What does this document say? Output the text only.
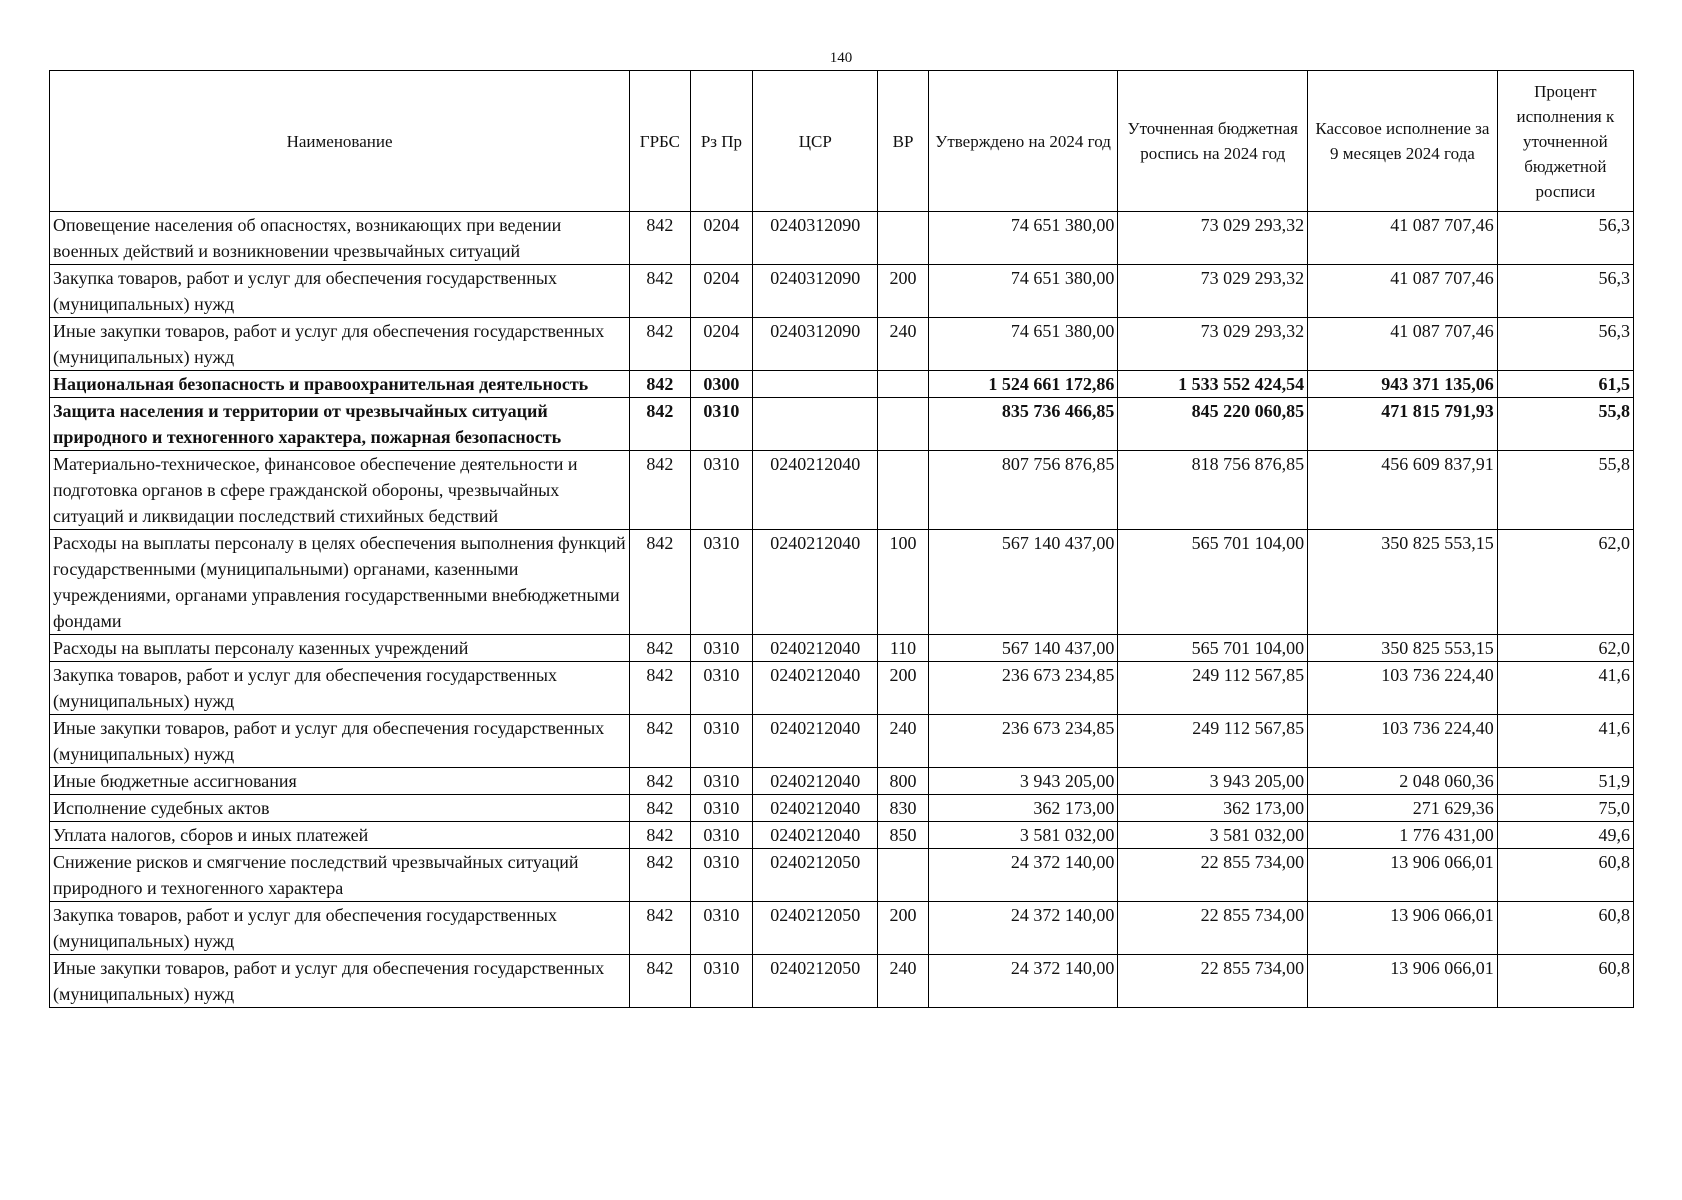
140
Наименование	ГРБС	Рз Пр	ЦСР	ВР	Утверждено на 2024 год	Уточненная бюджетная роспись на 2024 год	Кассовое исполнение за 9 месяцев 2024 года	Процент исполнения к уточненной бюджетной росписи
Оповещение населения об опасностях, возникающих при ведении военных действий и возникновении чрезвычайных ситуаций	842	0204	0240312090		74 651 380,00	73 029 293,32	41 087 707,46	56,3
Закупка товаров, работ и услуг для обеспечения государственных (муниципальных) нужд	842	0204	0240312090	200	74 651 380,00	73 029 293,32	41 087 707,46	56,3
Иные закупки товаров, работ и услуг для обеспечения государственных (муниципальных) нужд	842	0204	0240312090	240	74 651 380,00	73 029 293,32	41 087 707,46	56,3
Национальная безопасность и правоохранительная деятельность	842	0300			1 524 661 172,86	1 533 552 424,54	943 371 135,06	61,5
Защита населения и территории от чрезвычайных ситуаций природного и техногенного характера, пожарная безопасность	842	0310			835 736 466,85	845 220 060,85	471 815 791,93	55,8
Материально-техническое, финансовое обеспечение деятельности и подготовка органов в сфере гражданской обороны, чрезвычайных ситуаций и ликвидации последствий стихийных бедствий	842	0310	0240212040		807 756 876,85	818 756 876,85	456 609 837,91	55,8
Расходы на выплаты персоналу в целях обеспечения выполнения функций государственными (муниципальными) органами, казенными учреждениями, органами управления государственными внебюджетными фондами	842	0310	0240212040	100	567 140 437,00	565 701 104,00	350 825 553,15	62,0
Расходы на выплаты персоналу казенных учреждений	842	0310	0240212040	110	567 140 437,00	565 701 104,00	350 825 553,15	62,0
Закупка товаров, работ и услуг для обеспечения государственных (муниципальных) нужд	842	0310	0240212040	200	236 673 234,85	249 112 567,85	103 736 224,40	41,6
Иные закупки товаров, работ и услуг для обеспечения государственных (муниципальных) нужд	842	0310	0240212040	240	236 673 234,85	249 112 567,85	103 736 224,40	41,6
Иные бюджетные ассигнования	842	0310	0240212040	800	3 943 205,00	3 943 205,00	2 048 060,36	51,9
Исполнение судебных актов	842	0310	0240212040	830	362 173,00	362 173,00	271 629,36	75,0
Уплата налогов, сборов и иных платежей	842	0310	0240212040	850	3 581 032,00	3 581 032,00	1 776 431,00	49,6
Снижение рисков и смягчение последствий чрезвычайных ситуаций природного и техногенного характера	842	0310	0240212050		24 372 140,00	22 855 734,00	13 906 066,01	60,8
Закупка товаров, работ и услуг для обеспечения государственных (муниципальных) нужд	842	0310	0240212050	200	24 372 140,00	22 855 734,00	13 906 066,01	60,8
Иные закупки товаров, работ и услуг для обеспечения государственных (муниципальных) нужд	842	0310	0240212050	240	24 372 140,00	22 855 734,00	13 906 066,01	60,8
